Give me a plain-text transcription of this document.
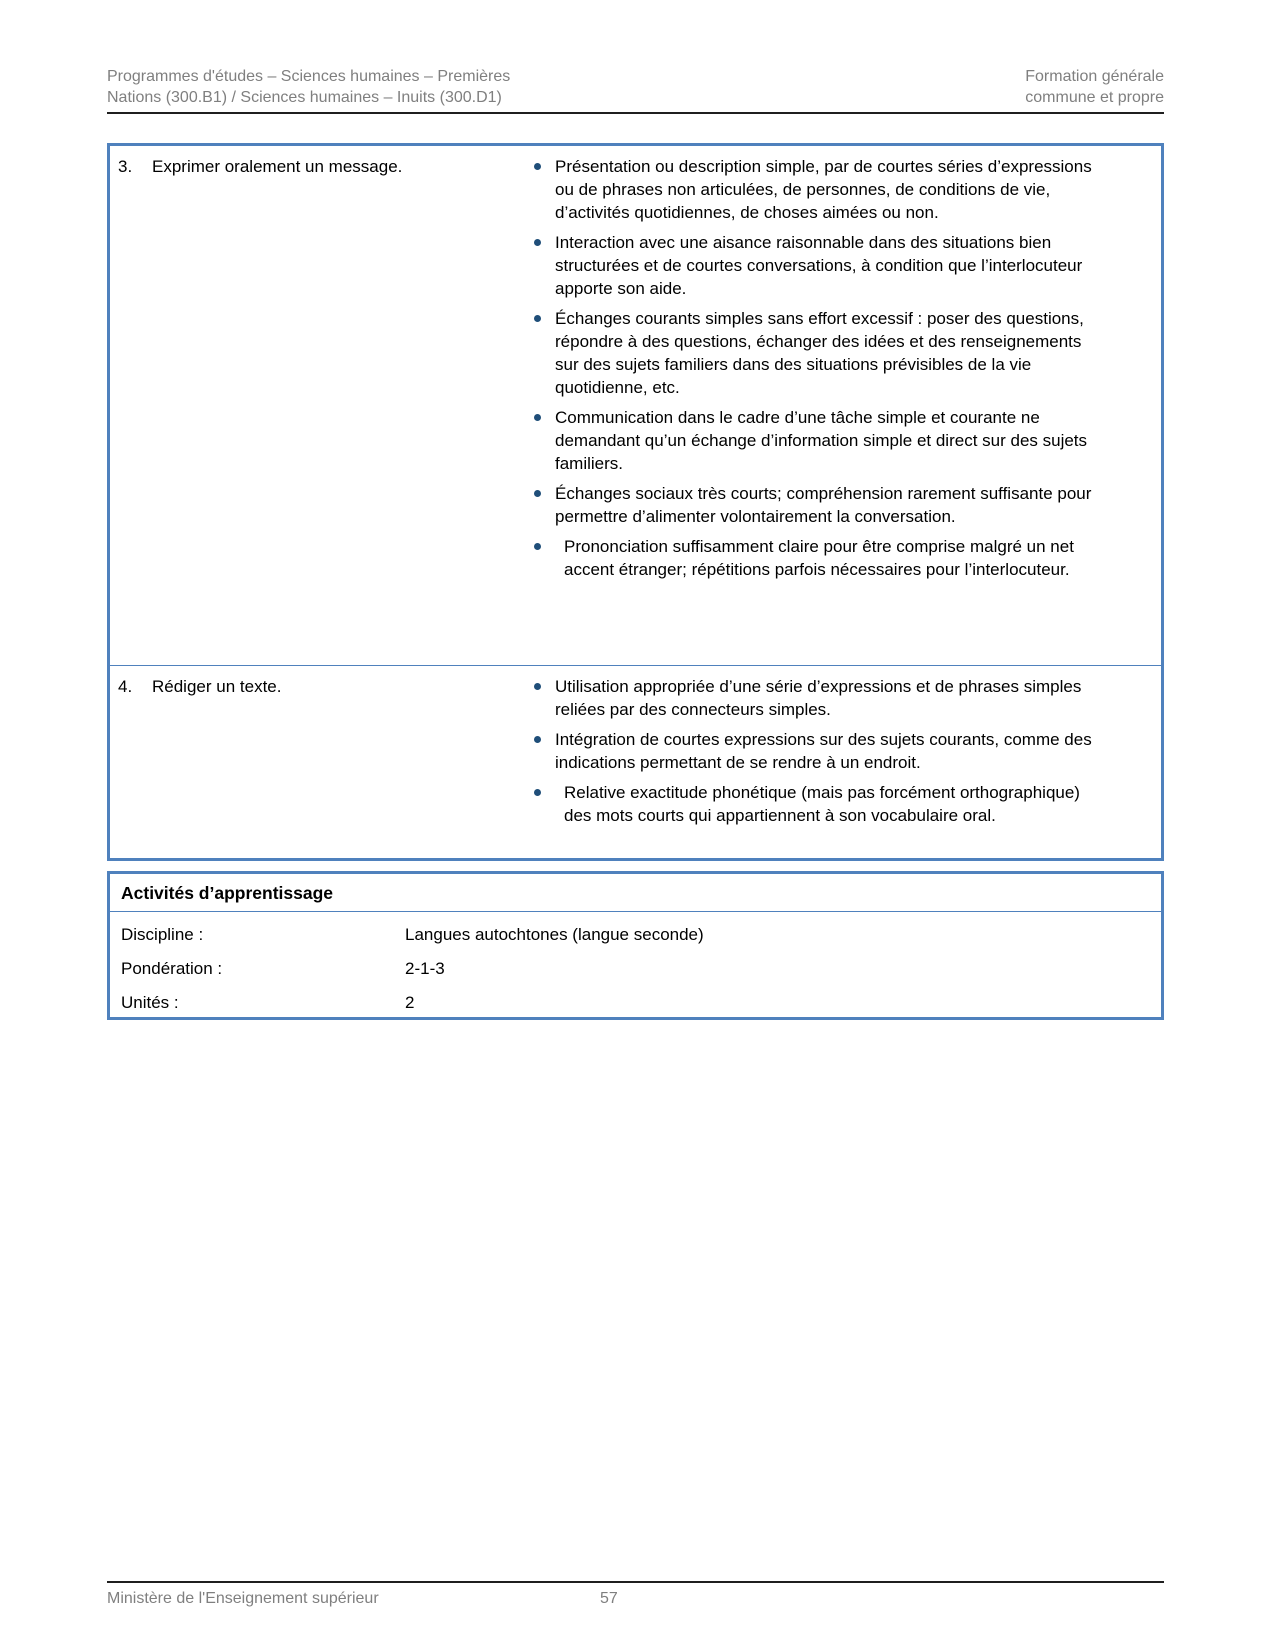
Programmes d'études – Sciences humaines – Premières
Nations (300.B1) / Sciences humaines – Inuits (300.D1)
Formation générale
commune et propre
3.	Exprimer oralement un message.	Présentation ou description simple, par de courtes séries d’expressions ou de phrases non articulées, de personnes, de conditions de vie, d’activités quotidiennes, de choses aimées ou non.
Interaction avec une aisance raisonnable dans des situations bien structurées et de courtes conversations, à condition que l’interlocuteur apporte son aide.
Échanges courants simples sans effort excessif : poser des questions, répondre à des questions, échanger des idées et des renseignements sur des sujets familiers dans des situations prévisibles de la vie quotidienne, etc.
Communication dans le cadre d’une tâche simple et courante ne demandant qu’un échange d’information simple et direct sur des sujets familiers.
Échanges sociaux très courts; compréhension rarement suffisante pour permettre d’alimenter volontairement la conversation.
Prononciation suffisamment claire pour être comprise malgré un net accent étranger; répétitions parfois nécessaires pour l’interlocuteur.
4.	Rédiger un texte.	Utilisation appropriée d’une série d’expressions et de phrases simples reliées par des connecteurs simples.
Intégration de courtes expressions sur des sujets courants, comme des indications permettant de se rendre à un endroit.
Relative exactitude phonétique (mais pas forcément orthographique) des mots courts qui appartiennent à son vocabulaire oral.
Activités d’apprentissage
Discipline :	Langues autochtones (langue seconde)
Pondération :	2-1-3
Unités :	2
Ministère de l'Enseignement supérieur	57
